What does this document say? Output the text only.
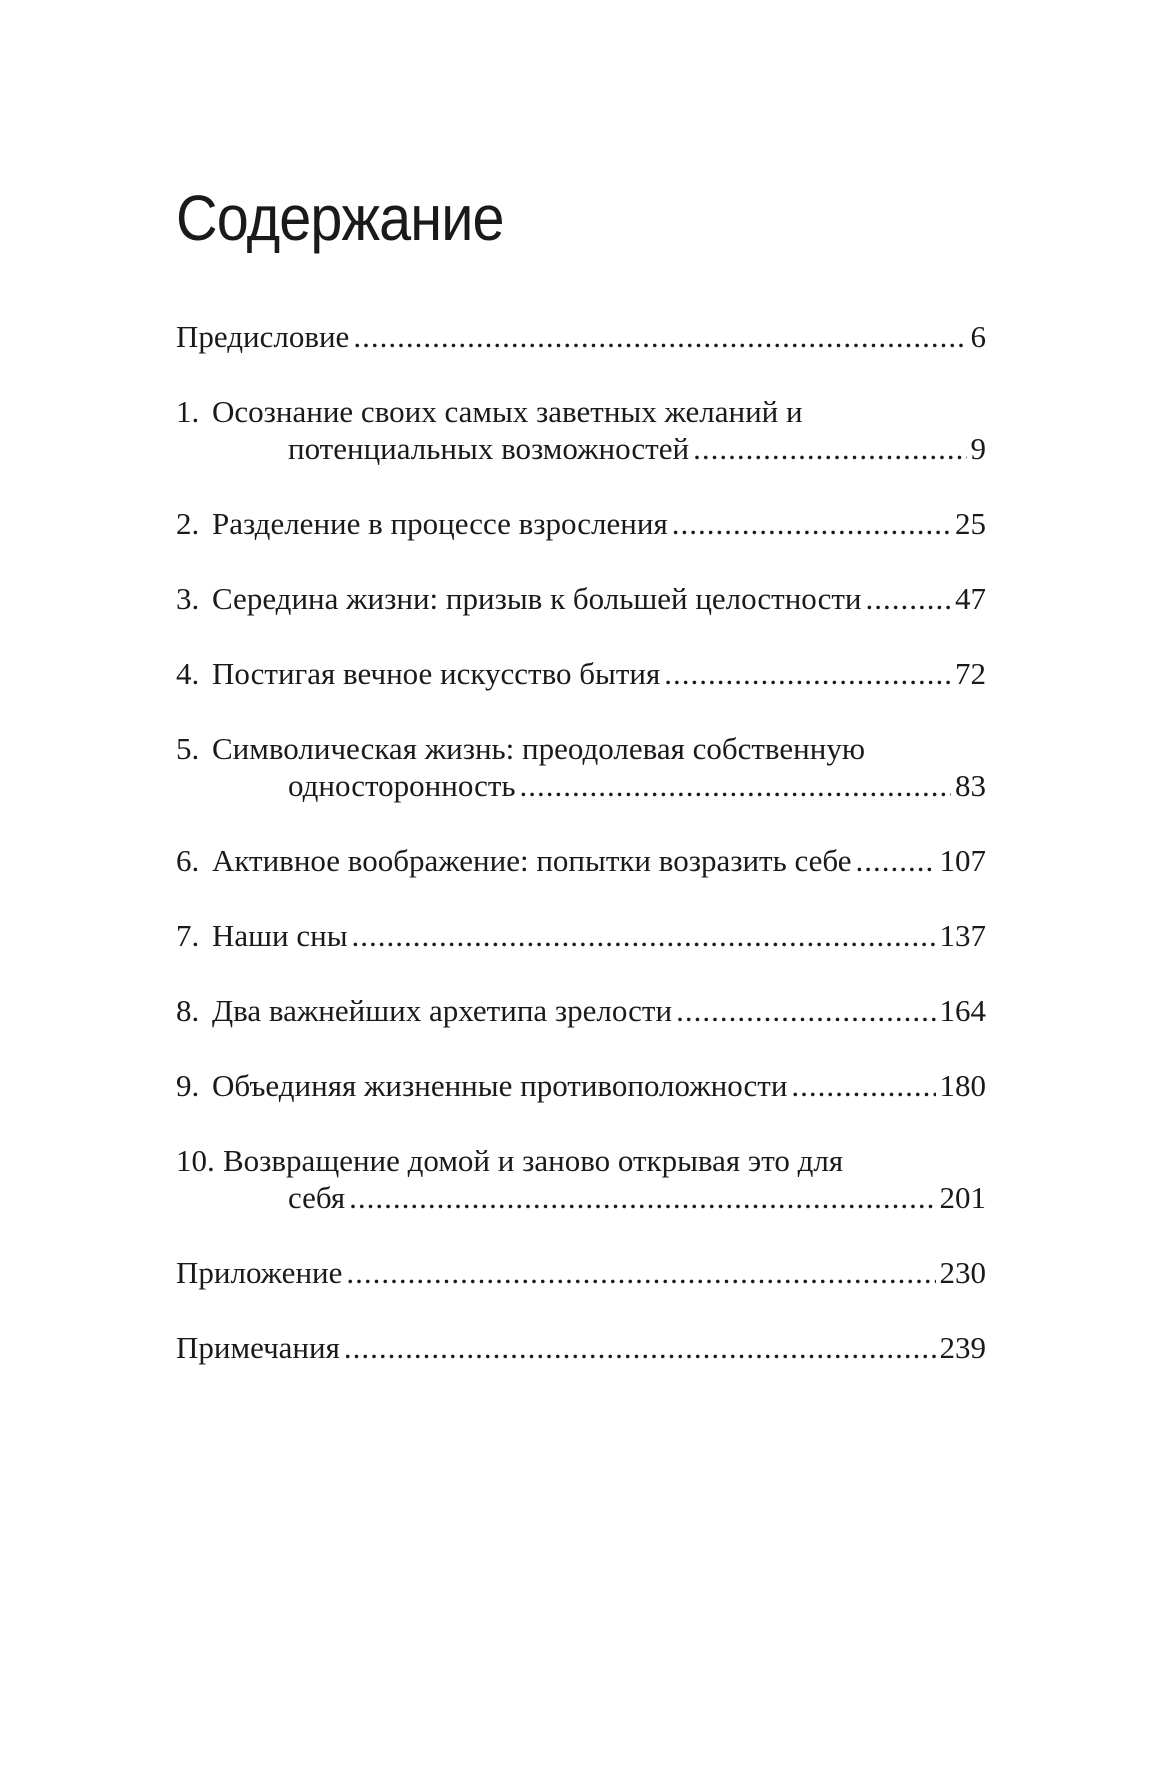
Содержание
Предисловие .....	6
1. Осознание своих самых заветных желаний и
потенциальных возможностей .....	9
2. Разделение в процессе взросления .....	25
3. Середина жизни: призыв к большей целостности .....	47
4. Постигая вечное искусство бытия .....	72
5. Символическая жизнь: преодолевая собственную
односторонность .....	83
6. Активное воображение: попытки возразить себе .....	107
7. Наши сны .....	137
8. Два важнейших архетипа зрелости .....	164
9. Объединяя жизненные противоположности .....	180
10. Возвращение домой и заново открывая это для
себя .....	201
Приложение .....	230
Примечания .....	239
